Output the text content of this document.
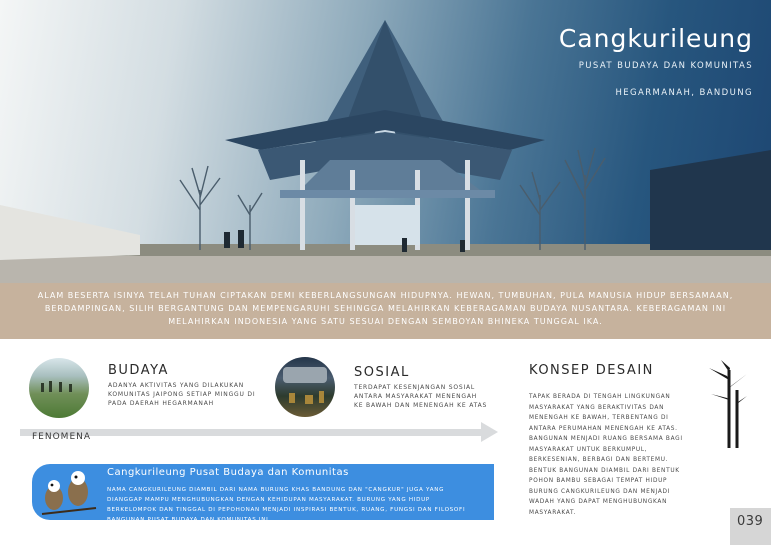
Cangkurileung
PUSAT BUDAYA DAN KOMUNITAS
HEGARMANAH, BANDUNG

ALAM BESERTA ISINYA TELAH TUHAN CIPTAKAN DEMI KEBERLANGSUNGAN HIDUPNYA. HEWAN, TUMBUHAN, PULA MANUSIA HIDUP BERSAMAAN, BERDAMPINGAN, SILIH BERGANTUNG DAN MEMPENGARUHI SEHINGGA MELAHIRKAN KEBERAGAMAN BUDAYA NUSANTARA. KEBERAGAMAN INI MELAHIRKAN INDONESIA YANG SATU SESUAI DENGAN SEMBOYAN BHINEKA TUNGGAL IKA.

BUDAYA
ADANYA AKTIVITAS YANG DILAKUKAN KOMUNITAS JAIPONG SETIAP MINGGU DI PADA DAERAH HEGARMANAH
SOSIAL
TERDAPAT KESENJANGAN SOSIAL ANTARA MASYARAKAT MENENGAH KE BAWAH DAN MENENGAH KE ATAS
FENOMENA
Cangkurileung Pusat Budaya dan Komunitas
NAMA CANGKURILEUNG DIAMBIL DARI NAMA BURUNG KHAS BANDUNG DAN "CANGKUR" JUGA YANG DIANGGAP MAMPU MENGHUBUNGKAN DENGAN KEHIDUPAN MASYARAKAT. BURUNG YANG HIDUP BERKELOMPOK DAN TINGGAL DI PEPOHONAN MENJADI INSPIRASI BENTUK, RUANG, FUNGSI DAN FILOSOFI BANGUNAN PUSAT BUDAYA DAN KOMUNITAS INI.
KONSEP DESAIN
TAPAK BERADA DI TENGAH LINGKUNGAN MASYARAKAT YANG BERAKTIVITAS DAN MENENGAH KE BAWAH, TERBENTANG DI ANTARA PERUMAHAN MENENGAH KE ATAS. BANGUNAN MENJADI RUANG BERSAMA BAGI MASYARAKAT UNTUK BERKUMPUL, BERKESENIAN, BERBAGI DAN BERTEMU. BENTUK BANGUNAN DIAMBIL DARI BENTUK POHON BAMBU SEBAGAI TEMPAT HIDUP BURUNG CANGKURILEUNG DAN MENJADI WADAH YANG DAPAT MENGHUBUNGKAN MASYARAKAT.
039
